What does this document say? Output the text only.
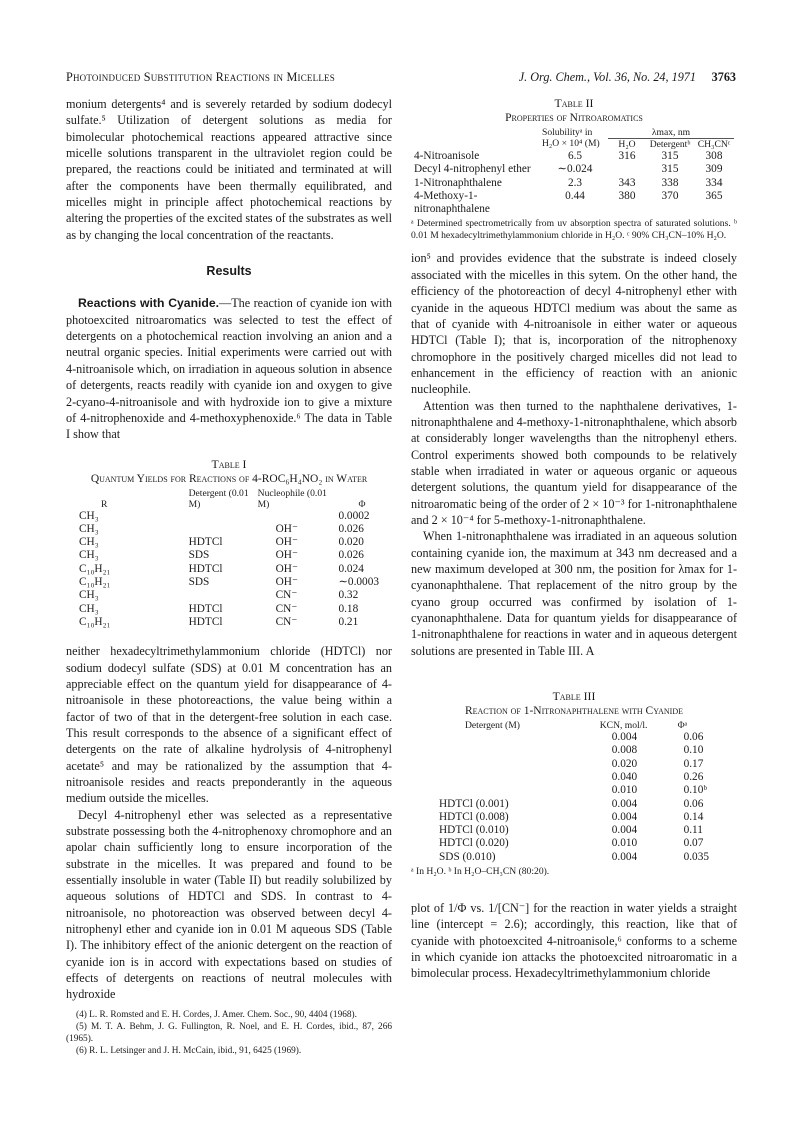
Photoinduced Substitution Reactions in Micelles	J. Org. Chem., Vol. 36, No. 24, 1971 3763

monium detergents⁴ and is severely retarded by sodium dodecyl sulfate.⁵ Utilization of detergent solutions as media for bimolecular photochemical reactions appeared attractive since micelle solutions transparent in the ultraviolet region could be prepared, the reactions could be initiated and terminated at will after the components have been thermally equilibrated, and micelles might in principle affect photochemical reactions by altering the properties of the excited states of the substrates as well as by changing the local concentration of the reactants.

Results

Reactions with Cyanide.—The reaction of cyanide ion with photoexcited nitroaromatics was selected to test the effect of detergents on a photochemical reaction involving an anion and a neutral organic species. Initial experiments were carried out with 4-nitroanisole which, on irradiation in aqueous solution in absence of detergents, reacts readily with cyanide ion and oxygen to give 2-cyano-4-nitroanisole and with hydroxide ion to give a mixture of 4-nitrophenoxide and 4-methoxyphenoxide.⁶ The data in Table I show that

Table I
Quantum Yields for Reactions of 4-ROC₆H₄NO₂ in Water
R	Detergent (0.01 M)	Nucleophile (0.01 M)	Φ
CH₃			0.0002
CH₃		OH⁻	0.026
CH₃	HDTCl	OH⁻	0.020
CH₃	SDS	OH⁻	0.026
C₁₀H₂₁	HDTCl	OH⁻	0.024
C₁₀H₂₁	SDS	OH⁻	∼0.0003
CH₃		CN⁻	0.32
CH₃	HDTCl	CN⁻	0.18
C₁₀H₂₁	HDTCl	CN⁻	0.21

neither hexadecyltrimethylammonium chloride (HDTCl) nor sodium dodecyl sulfate (SDS) at 0.01 M concentration has an appreciable effect on the quantum yield for disappearance of 4-nitroanisole in these photoreactions, the value being within a factor of two of that in the detergent-free solution in each case. This result corresponds to the absence of a significant effect of detergents on the rate of alkaline hydrolysis of 4-nitrophenyl acetate⁵ and may be rationalized by the assumption that 4-nitroanisole resides and reacts preponderantly in the aqueous medium outside the micelles.

Decyl 4-nitrophenyl ether was selected as a representative substrate possessing both the 4-nitrophenoxy chromophore and an apolar chain sufficiently long to ensure incorporation of the substrate in the micelles. It was prepared and found to be essentially insoluble in water (Table II) but readily solubilized by aqueous solutions of HDTCl and SDS. In contrast to 4-nitroanisole, no photoreaction was observed between decyl 4-nitrophenyl ether and cyanide ion in 0.01 M aqueous SDS (Table I). The inhibitory effect of the anionic detergent on the reaction of cyanide ion is in accord with expectations based on studies of effects of detergents on reactions of neutral molecules with hydroxide

(4) L. R. Romsted and E. H. Cordes, J. Amer. Chem. Soc., 90, 4404 (1968).
(5) M. T. A. Behm, J. G. Fullington, R. Noel, and E. H. Cordes, ibid., 87, 266 (1965).
(6) R. L. Letsinger and J. H. McCain, ibid., 91, 6425 (1969).
Table II
Properties of Nitroaromatics
	Solubilityᵃ in H₂O × 10⁴ (M)	λmax, nm		
		H₂O	Detergentᵇ	CH₃CNᶜ
4-Nitroanisole	6.5	316	315	308
Decyl 4-nitrophenyl ether	∼0.024		315	309
1-Nitronaphthalene	2.3	343	338	334
4-Methoxy-1-nitronaphthalene	0.44	380	370	365
ᵃ Determined spectrometrically from uv absorption spectra of saturated solutions. ᵇ 0.01 M hexadecyltrimethylammonium chloride in H₂O. ᶜ 90% CH₃CN–10% H₂O.

ion⁵ and provides evidence that the substrate is indeed closely associated with the micelles in this sytem. On the other hand, the efficiency of the photoreaction of decyl 4-nitrophenyl ether with cyanide in the aqueous HDTCl medium was about the same as that of cyanide with 4-nitroanisole in either water or aqueous HDTCl (Table I); that is, incorporation of the nitrophenoxy chromophore in the positively charged micelles did not lead to enhancement in the efficiency of reaction with an anionic nucleophile.

Attention was then turned to the naphthalene derivatives, 1-nitronaphthalene and 4-methoxy-1-nitronaphthalene, which absorb at considerably longer wavelengths than the nitrophenyl ethers. Control experiments showed both compounds to be relatively stable when irradiated in water or aqueous organic or aqueous detergent solutions, the quantum yield for disappearance of the nitroaromatic being of the order of 2 × 10⁻³ for 1-nitronaphthalene and 2 × 10⁻⁴ for 5-methoxy-1-nitronaphthalene.

When 1-nitronaphthalene was irradiated in an aqueous solution containing cyanide ion, the maximum at 343 nm decreased and a new maximum developed at 300 nm, the position for λmax for 1-cyanonaphthalene. That replacement of the nitro group by the cyano group occurred was confirmed by isolation of 1-cyanonaphthalene. Data for quantum yields for disappearance of 1-nitronaphthalene for reactions in water and in aqueous detergent solutions are presented in Table III. A

Table III
Reaction of 1-Nitronaphthalene with Cyanide
Detergent (M)	KCN, mol/l.	Φᵃ
	0.004	0.06
	0.008	0.10
	0.020	0.17
	0.040	0.26
	0.010	0.10ᵇ
HDTCl (0.001)	0.004	0.06
HDTCl (0.008)	0.004	0.14
HDTCl (0.010)	0.004	0.11
HDTCl (0.020)	0.010	0.07
SDS (0.010)	0.004	0.035
ᵃ In H₂O. ᵇ In H₂O–CH₃CN (80:20).

plot of 1/Φ vs. 1/[CN⁻] for the reaction in water yields a straight line (intercept = 2.6); accordingly, this reaction, like that of cyanide with photoexcited 4-nitroanisole,⁶ conforms to a scheme in which cyanide ion attacks the photoexcited nitroaromatic in a bimolecular process. Hexadecyltrimethylammonium chloride
